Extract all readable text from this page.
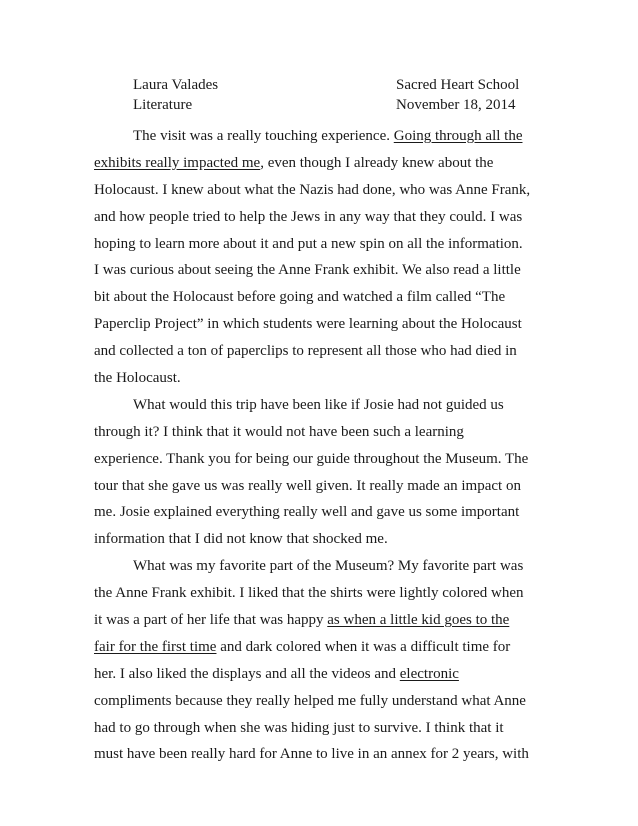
Laura Valades
Literature
Sacred Heart School
November 18, 2014
The visit was a really touching experience. Going through all the
exhibits really impacted me, even though I already knew about the
Holocaust. I knew about what the Nazis had done, who was Anne Frank,
and how people tried to help the Jews in any way that they could. I was
hoping to learn more about it and put a new spin on all the information.
I was curious about seeing the Anne Frank exhibit. We also read a little
bit about the Holocaust before going and watched a film called “The
Paperclip Project” in which students were learning about the Holocaust
and collected a ton of paperclips to represent all those who had died in
the Holocaust.
What would this trip have been like if Josie had not guided us
through it? I think that it would not have been such a learning
experience. Thank you for being our guide throughout the Museum. The
tour that she gave us was really well given. It really made an impact on
me. Josie explained everything really well and gave us some important
information that I did not know that shocked me.
What was my favorite part of the Museum? My favorite part was
the Anne Frank exhibit. I liked that the shirts were lightly colored when
it was a part of her life that was happy as when a little kid goes to the
fair for the first time and dark colored when it was a difficult time for
her. I also liked the displays and all the videos and electronic
compliments because they really helped me fully understand what Anne
had to go through when she was hiding just to survive. I think that it
must have been really hard for Anne to live in an annex for 2 years, with
